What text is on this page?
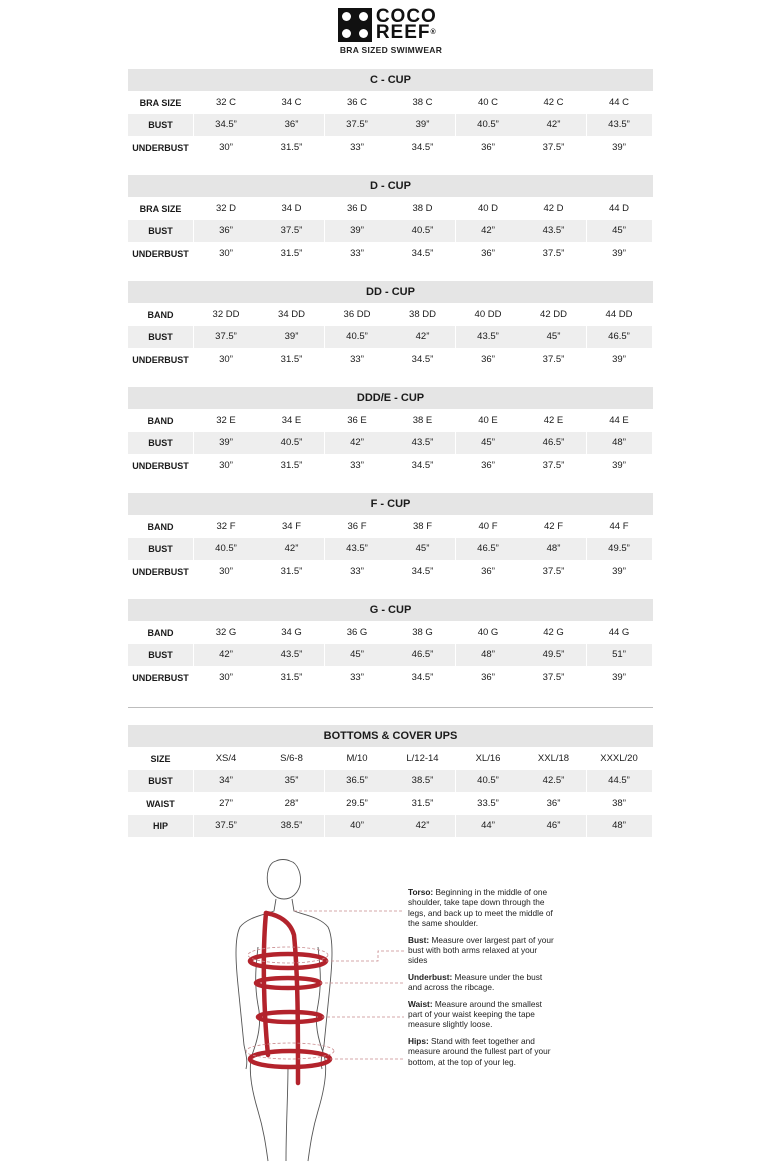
COCO
REEF®
BRA SIZED SWIMWEAR
C - CUP
BRA SIZE	32 C	34 C	36 C	38 C	40 C	42 C	44 C
BUST	34.5”	36”	37.5”	39”	40.5”	42”	43.5”
UNDERBUST	30”	31.5”	33”	34.5”	36”	37.5”	39”
D - CUP
BRA SIZE	32 D	34 D	36 D	38 D	40 D	42 D	44 D
BUST	36”	37.5”	39”	40.5”	42”	43.5”	45”
UNDERBUST	30”	31.5”	33”	34.5”	36”	37.5”	39”
DD - CUP
BAND	32 DD	34 DD	36 DD	38 DD	40 DD	42 DD	44 DD
BUST	37.5”	39”	40.5”	42”	43.5”	45”	46.5”
UNDERBUST	30”	31.5”	33”	34.5”	36”	37.5”	39”
DDD/E - CUP
BAND	32 E	34 E	36 E	38 E	40 E	42 E	44 E
BUST	39”	40.5”	42”	43.5”	45”	46.5”	48”
UNDERBUST	30”	31.5”	33”	34.5”	36”	37.5”	39”
F - CUP
BAND	32 F	34 F	36 F	38 F	40 F	42 F	44 F
BUST	40.5”	42”	43.5”	45”	46.5”	48”	49.5”
UNDERBUST	30”	31.5”	33”	34.5”	36”	37.5”	39”
G - CUP
BAND	32 G	34 G	36 G	38 G	40 G	42 G	44 G
BUST	42”	43.5”	45”	46.5”	48”	49.5”	51”
UNDERBUST	30”	31.5”	33”	34.5”	36”	37.5”	39”
BOTTOMS & COVER UPS
SIZE	XS/4	S/6-8	M/10	L/12-14	XL/16	XXL/18	XXXL/20
BUST	34”	35”	36.5”	38.5”	40.5”	42.5”	44.5”
WAIST	27”	28”	29.5”	31.5”	33.5”	36”	38”
HIP	37.5”	38.5”	40”	42”	44”	46”	48”
Torso: Beginning in the middle of one shoulder, take tape down through the legs, and back up to meet the middle of the same shoulder.
Bust: Measure over largest part of your bust with both arms relaxed at your sides
Underbust: Measure under the bust and across the ribcage.
Waist: Measure around the smallest part of your waist keeping the tape measure slightly loose.
Hips: Stand with feet together and measure around the fullest part of your bottom, at the top of your leg.
